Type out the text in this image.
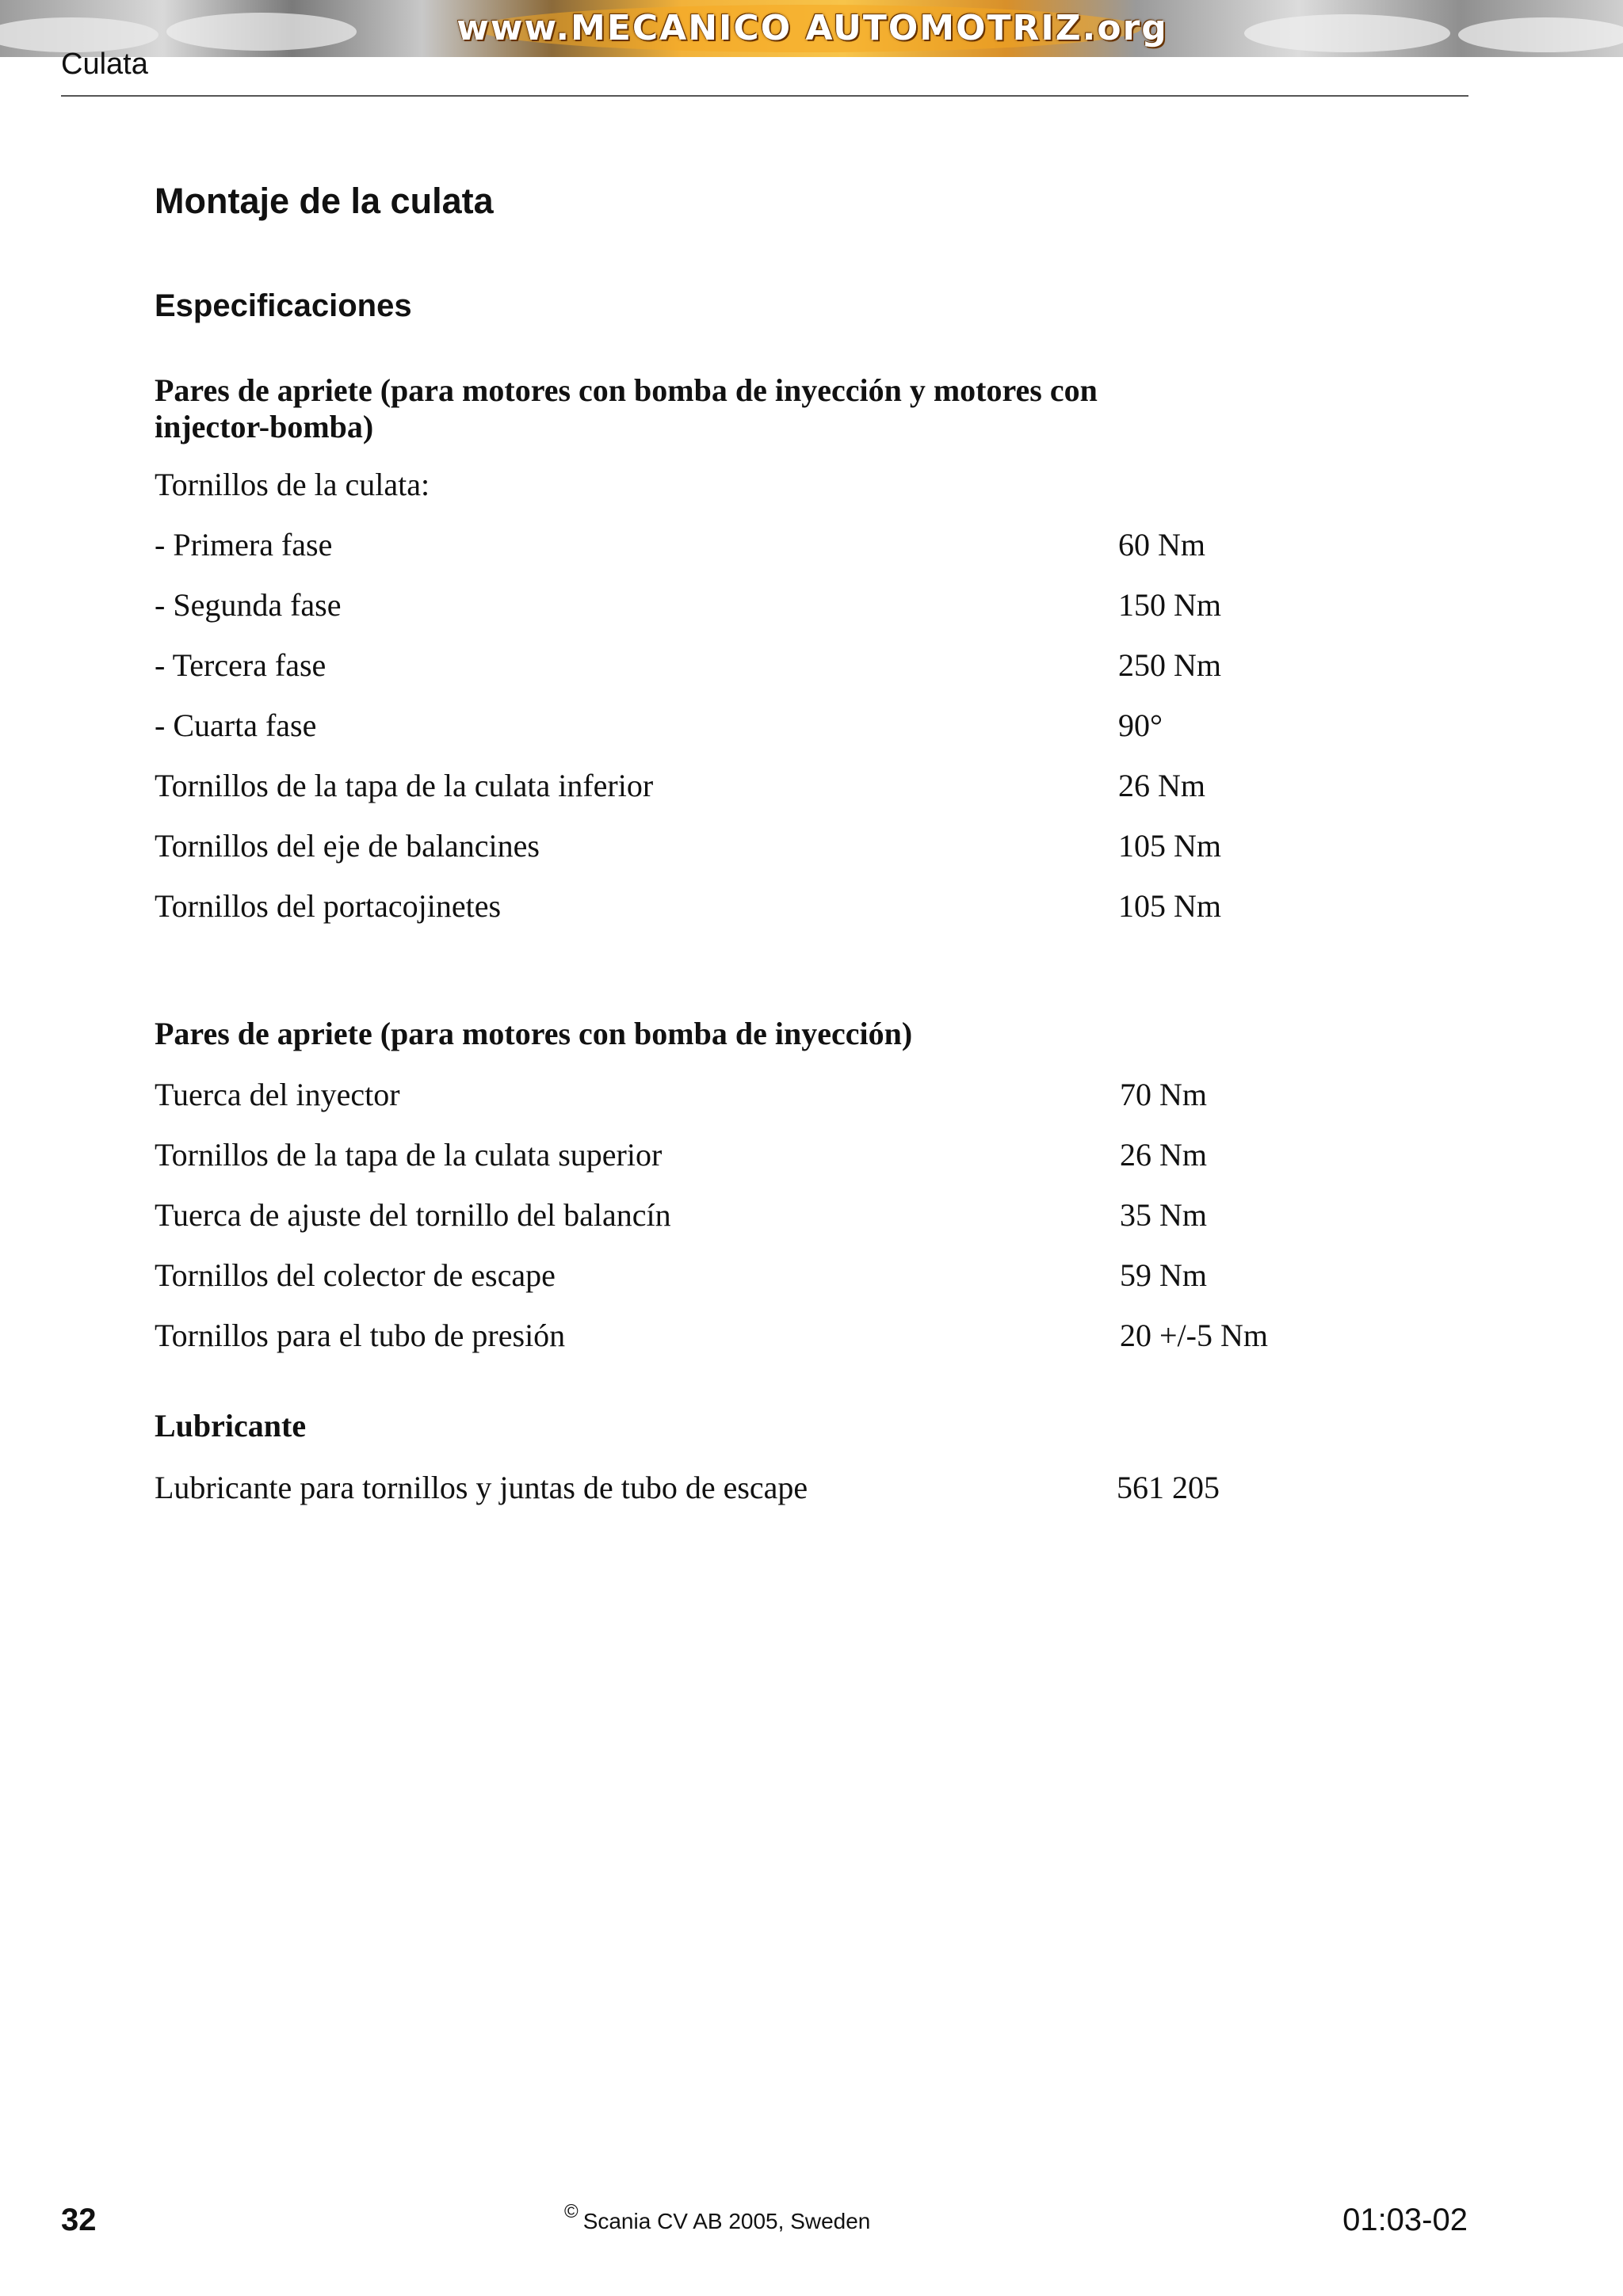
www.MECANICO AUTOMOTRIZ.org
Culata
Montaje de la culata
Especificaciones
Pares de apriete (para motores con bomba de inyección y motores con injector-bomba)
Tornillos de la culata:
- Primera fase	60 Nm
- Segunda fase	150 Nm
- Tercera fase	250 Nm
- Cuarta fase	90°
Tornillos de la tapa de la culata inferior	26 Nm
Tornillos del eje de balancines	105 Nm
Tornillos del portacojinetes	105 Nm
Pares de apriete (para motores con bomba de inyección)
Tuerca del inyector	70 Nm
Tornillos de la tapa de la culata superior	26 Nm
Tuerca de ajuste del tornillo del balancín	35 Nm
Tornillos del colector de escape	59 Nm
Tornillos para el tubo de presión	20 +/-5 Nm
Lubricante
Lubricante para tornillos y juntas de tubo de escape	561 205
32	© Scania CV AB 2005, Sweden	01:03-02
